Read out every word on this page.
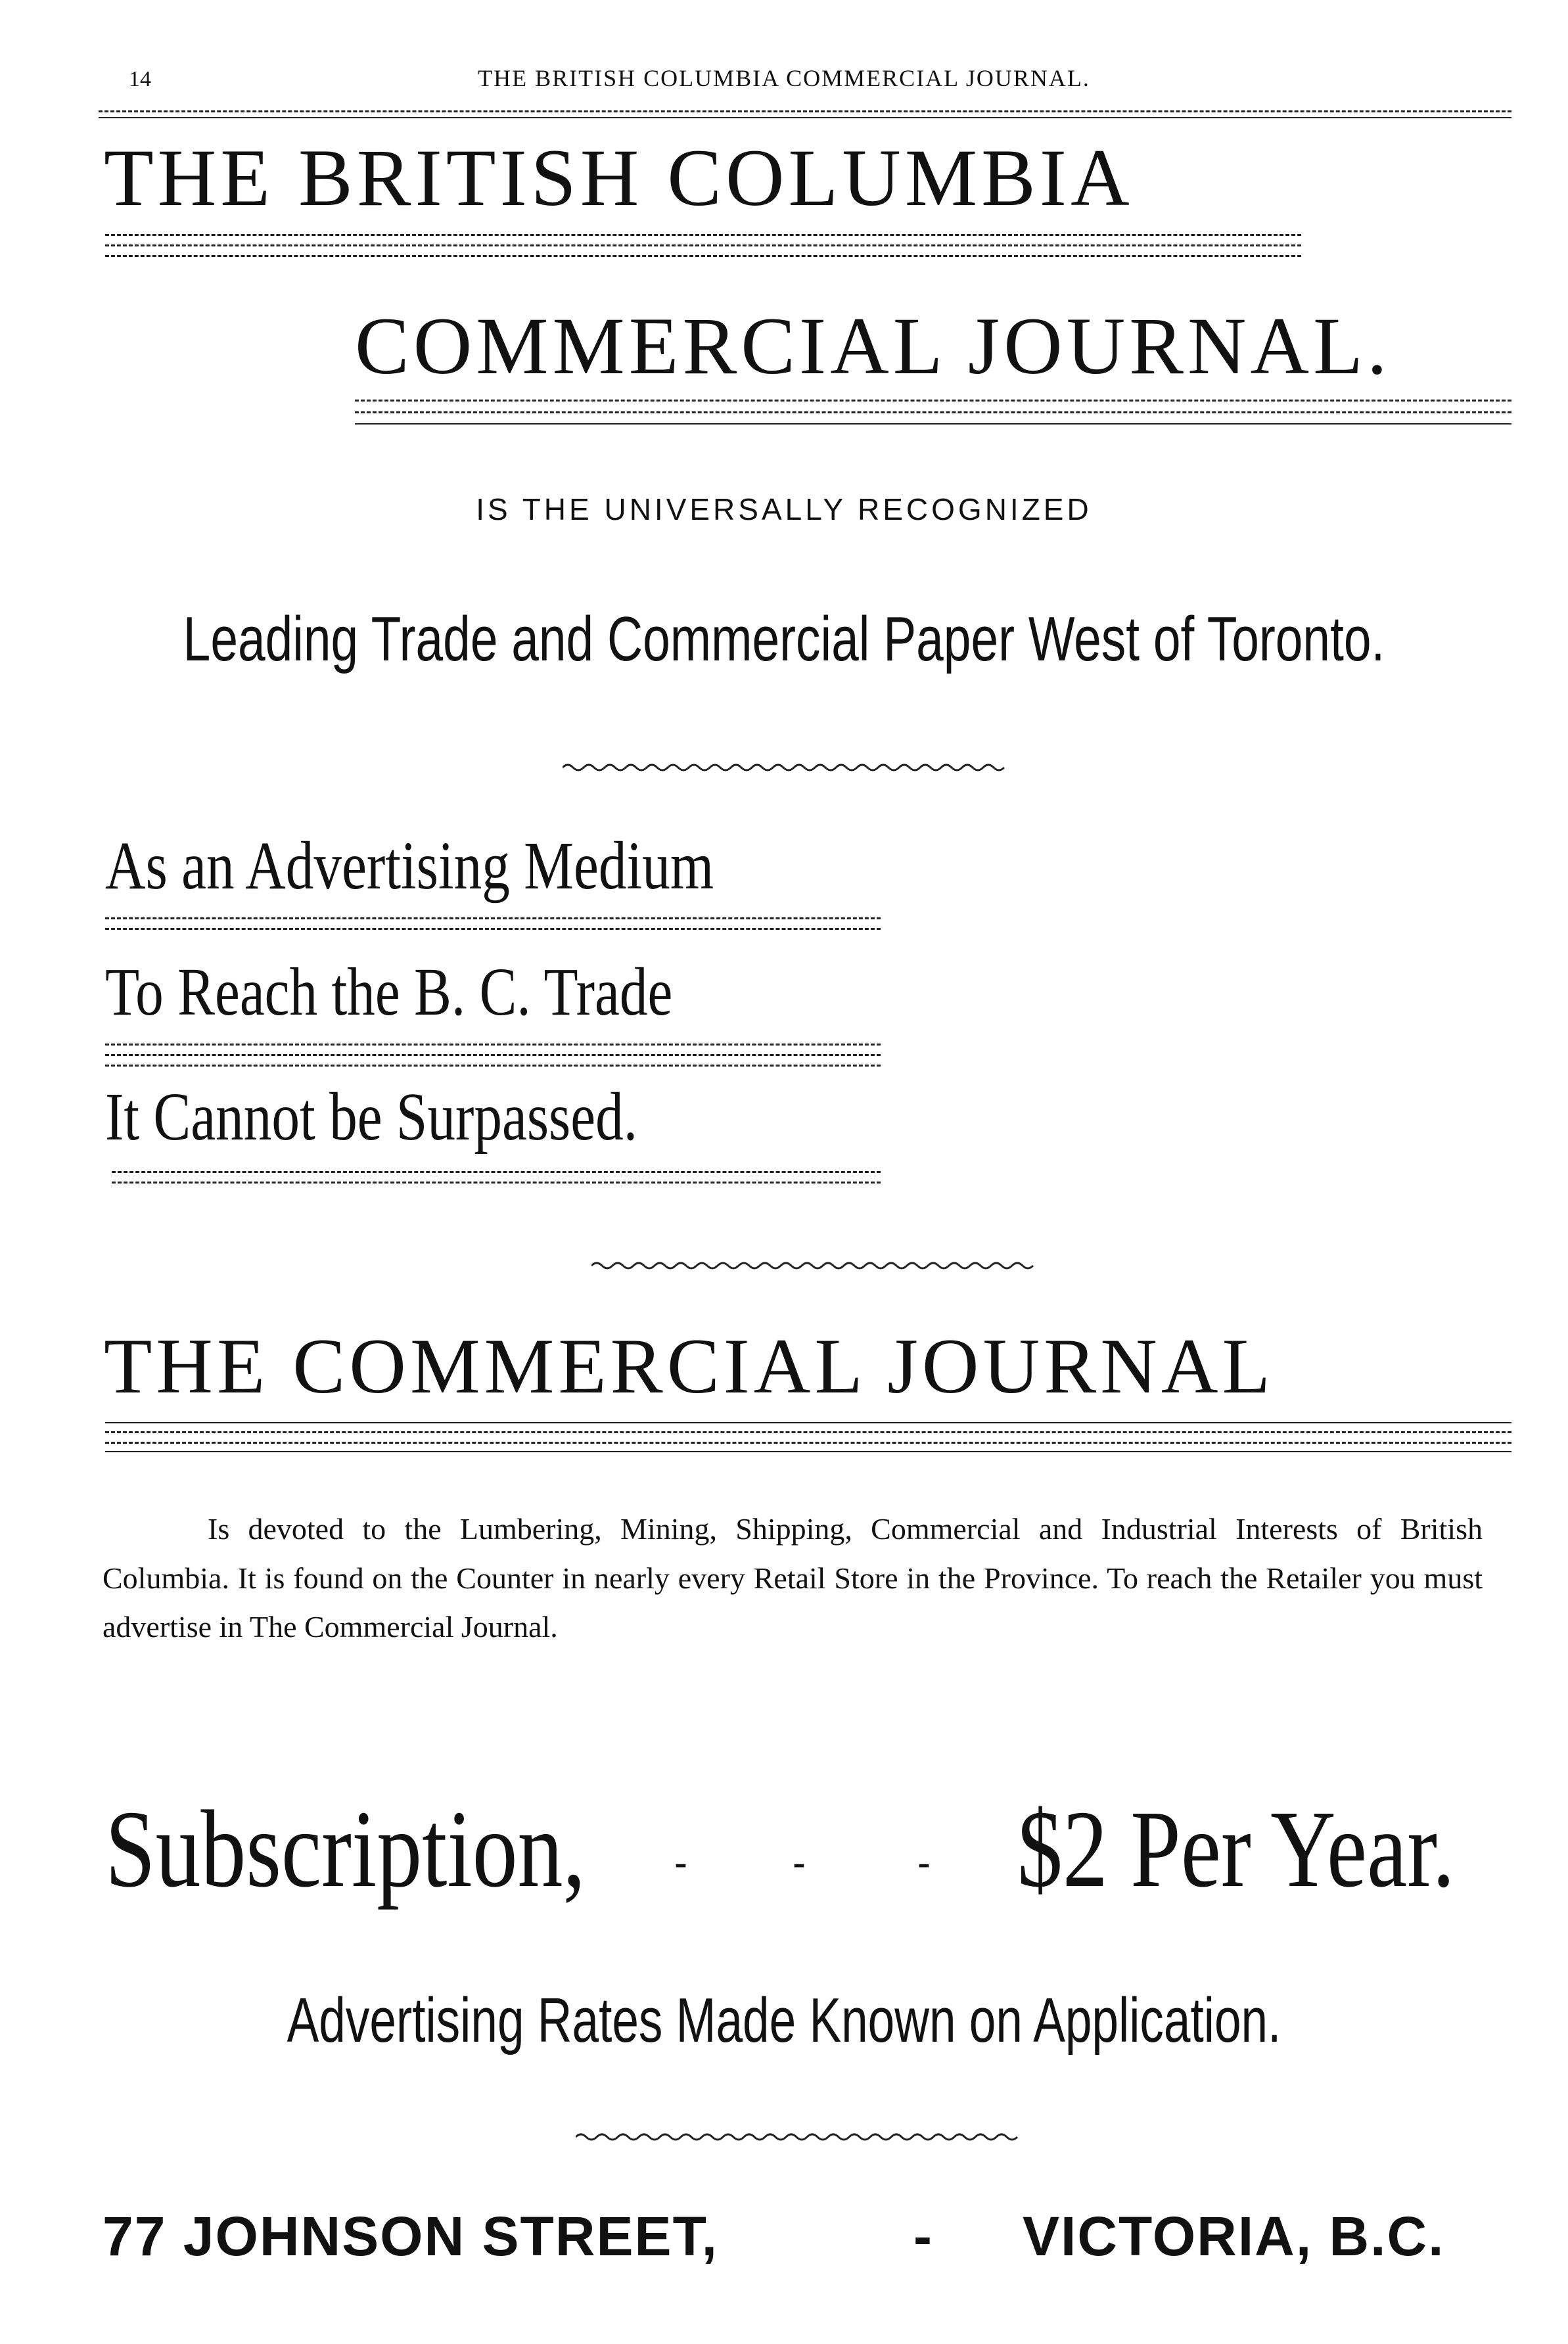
14	THE BRITISH COLUMBIA COMMERCIAL JOURNAL.
THE BRITISH COLUMBIA
COMMERCIAL JOURNAL.
IS THE UNIVERSALLY RECOGNIZED
Leading Trade and Commercial Paper West of Toronto.
As an Advertising Medium
To Reach the B. C. Trade
It Cannot be Surpassed.
THE COMMERCIAL JOURNAL
Is devoted to the Lumbering, Mining, Shipping, Commercial and Industrial Interests of British Columbia. It is found on the Counter in nearly every Retail Store in the Province. To reach the Retailer you must advertise in The Commercial Journal.
Subscription, -	-	- $2 Per Year.
Advertising Rates Made Known on Application.
77 JOHNSON STREET,	- VICTORIA, B.C.
